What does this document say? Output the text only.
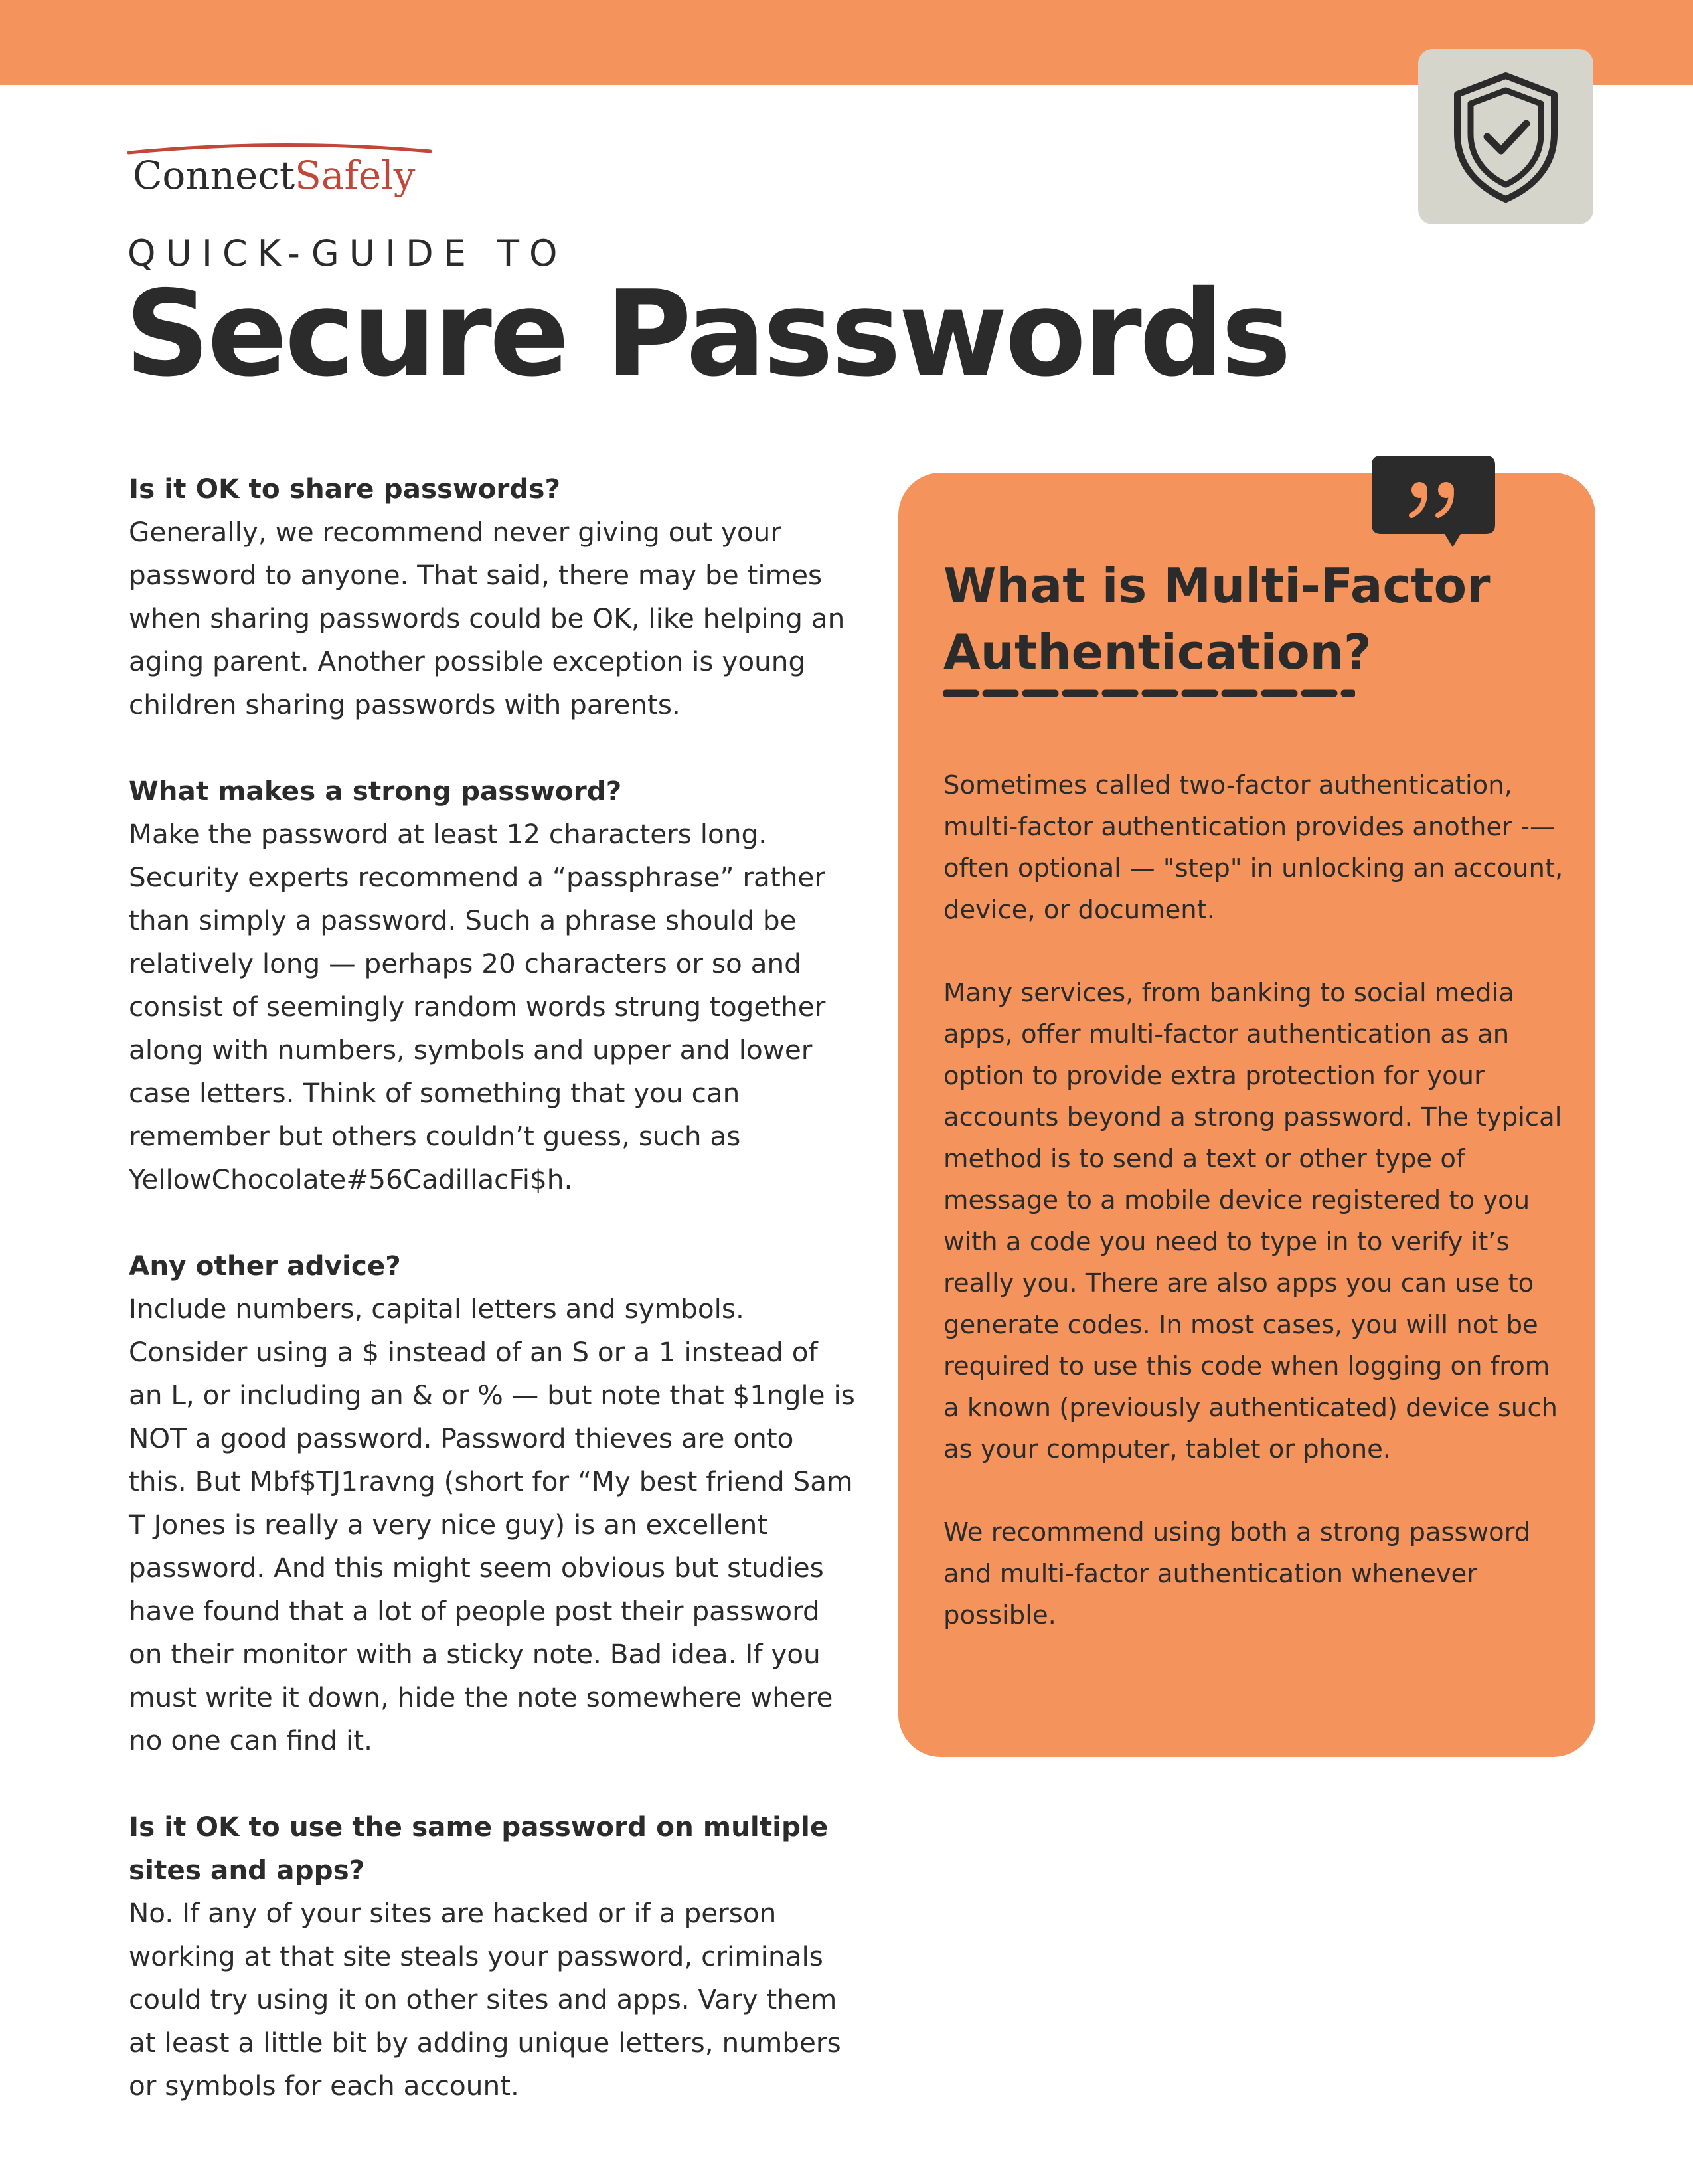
ConnectSafely
QUICK-GUIDE TO
Secure Passwords

Is it OK to share passwords?

Generally, we recommend never giving out your password to anyone. That said, there may be times when sharing passwords could be OK, like helping an aging parent. Another possible exception is young children sharing passwords with parents.

What makes a strong password?

Make the password at least 12 characters long. Security experts recommend a “passphrase” rather than simply a password. Such a phrase should be relatively long — perhaps 20 characters or so and consist of seemingly random words strung together along with numbers, symbols and upper and lower case letters. Think of something that you can remember but others couldn’t guess, such as YellowChocolate#56CadillacFi$h.

Any other advice?

Include numbers, capital letters and symbols. Consider using a $ instead of an S or a 1 instead of an L, or including an & or % — but note that $1ngle is NOT a good password. Password thieves are onto this. But Mbf$TJ1ravng (short for “My best friend Sam T Jones is really a very nice guy) is an excellent password. And this might seem obvious but studies have found that a lot of people post their password on their monitor with a sticky note. Bad idea. If you must write it down, hide the note somewhere where no one can find it.

Is it OK to use the same password on multiple sites and apps?

No. If any of your sites are hacked or if a person working at that site steals your password, criminals could try using it on other sites and apps. Vary them at least a little bit by adding unique letters, numbers or symbols for each account.

What is Multi-Factor Authentication?

Sometimes called two-factor authentication, multi-factor authentication provides another -— often optional — "step" in unlocking an account, device, or document.

Many services, from banking to social media apps, offer multi-factor authentication as an option to provide extra protection for your accounts beyond a strong password. The typical method is to send a text or other type of message to a mobile device registered to you with a code you need to type in to verify it’s really you. There are also apps you can use to generate codes. In most cases, you will not be required to use this code when logging on from a known (previously authenticated) device such as your computer, tablet or phone.

We recommend using both a strong password and multi-factor authentication whenever possible.
